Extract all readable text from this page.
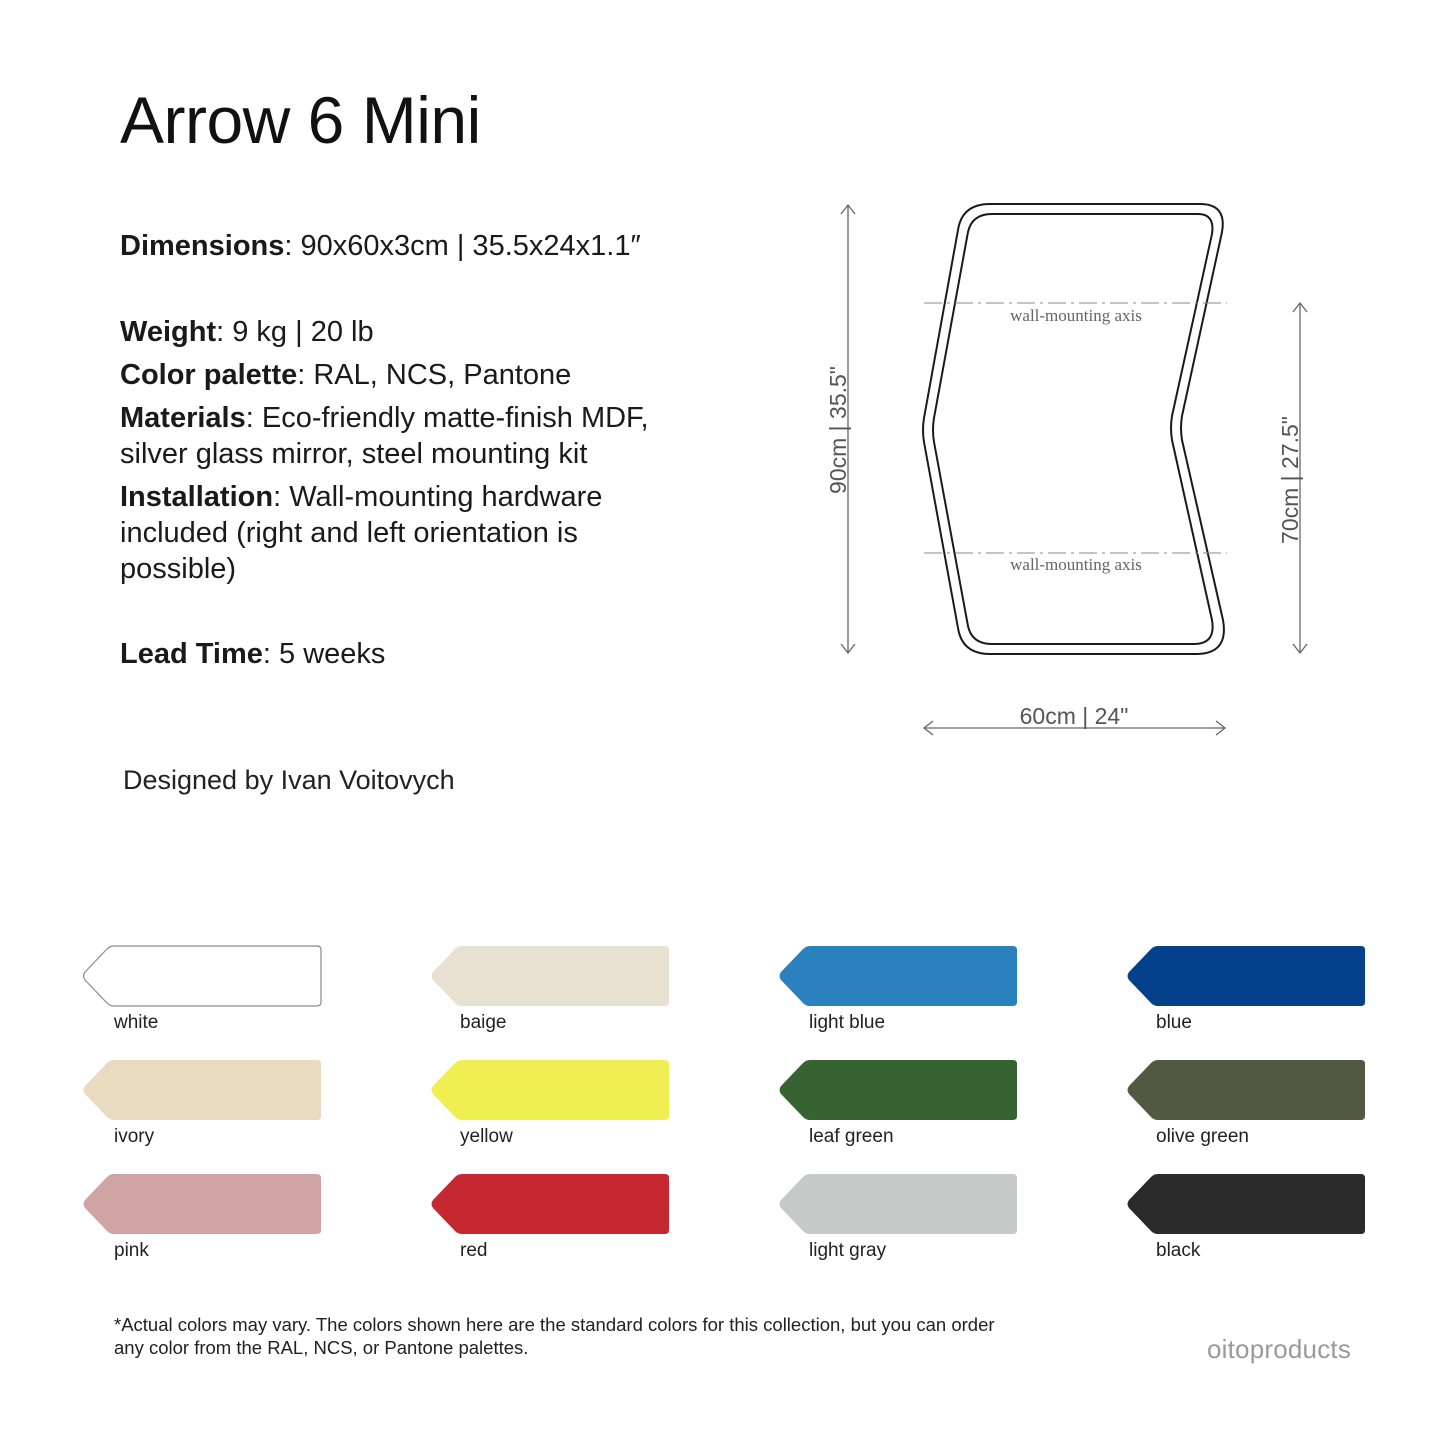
Arrow 6 Mini
Dimensions: 90x60x3cm | 35.5x24x1.1″
Weight: 9 kg | 20 lb
Color palette: RAL, NCS, Pantone
Materials: Eco-friendly matte-finish MDF, silver glass mirror, steel mounting kit
Installation: Wall-mounting hardware included (right and left orientation is possible)
Lead Time: 5 weeks
Designed by Ivan Voitovych
wall-mounting axis
wall-mounting axis
90cm | 35.5"	70cm | 27.5"
60cm | 24"
white	baige	light blue	blue
ivory	yellow	leaf green	olive green
pink	red	light gray	black
*Actual colors may vary. The colors shown here are the standard colors for this collection, but you can order any color from the RAL, NCS, or Pantone palettes.	oitoproducts
